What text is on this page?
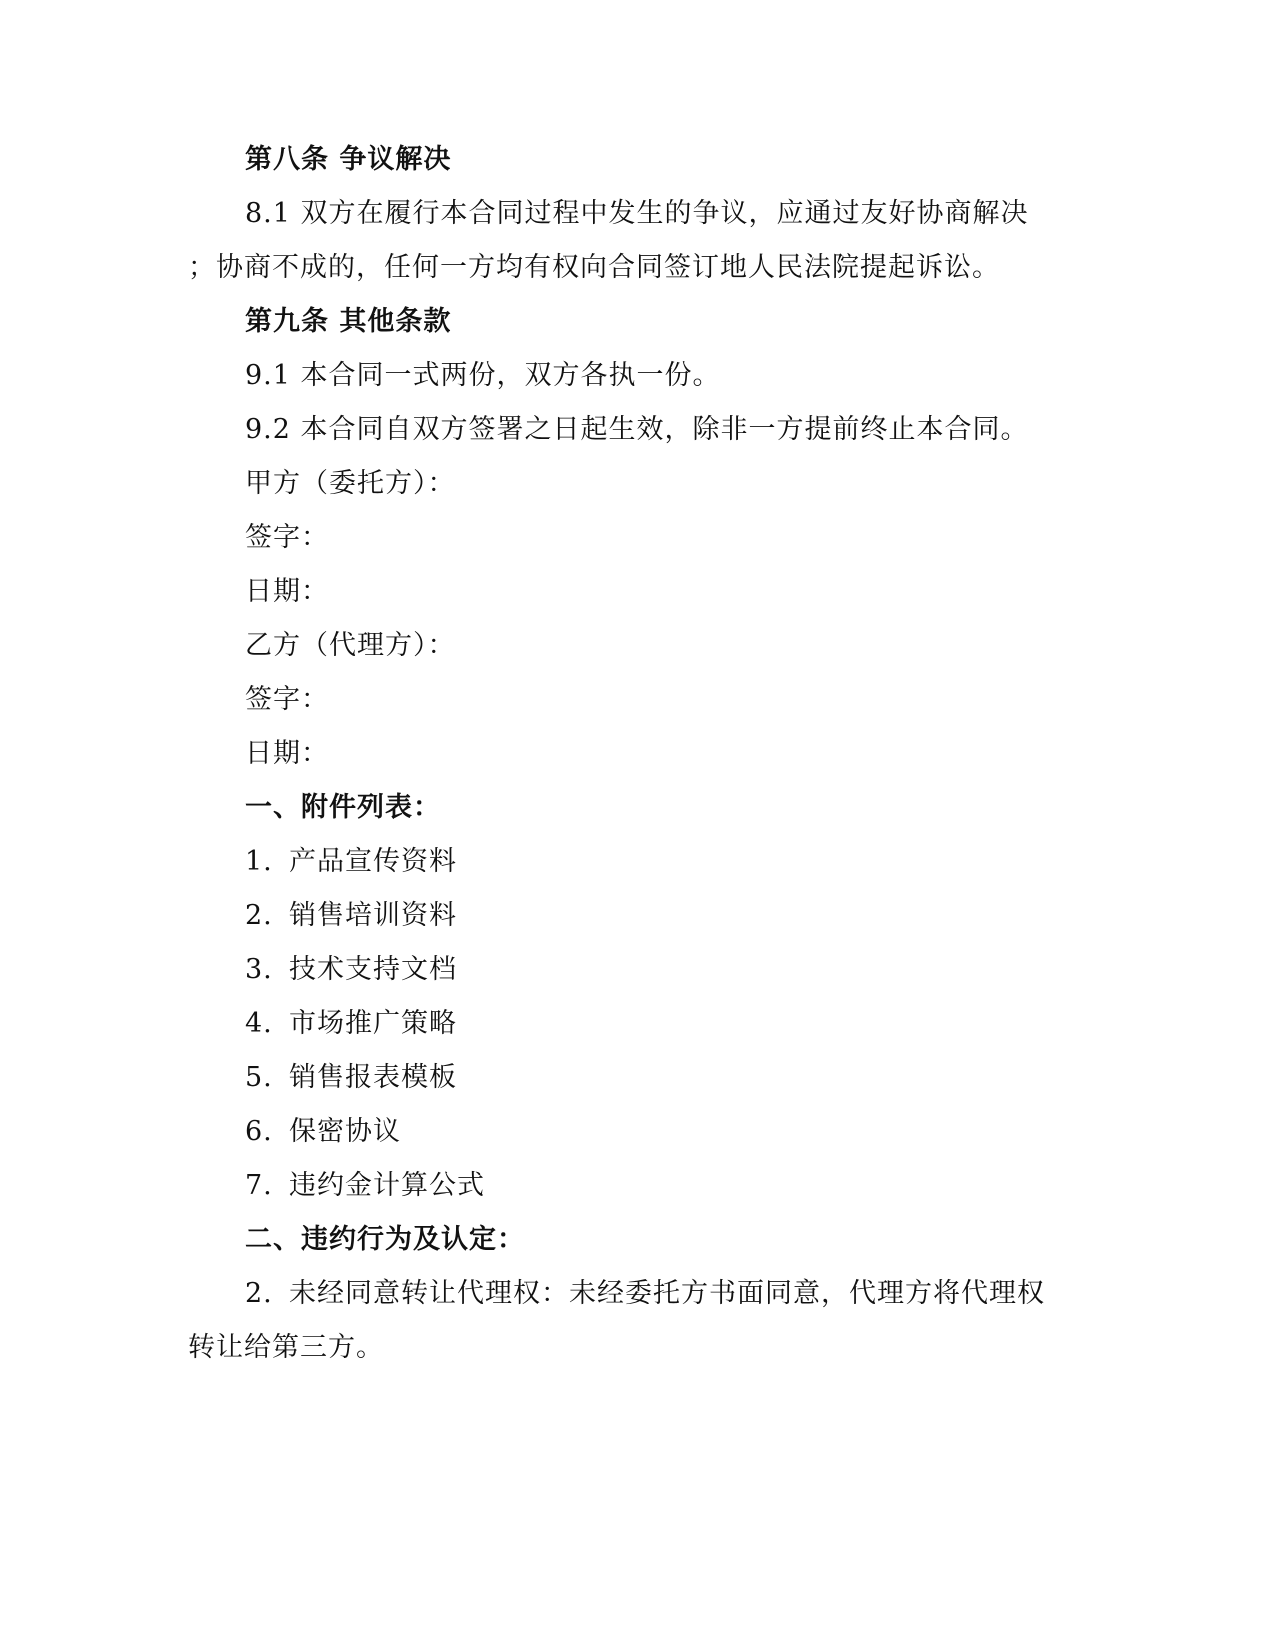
第八条 争议解决
8.1 双方在履行本合同过程中发生的争议，应通过友好协商解决
；协商不成的，任何一方均有权向合同签订地人民法院提起诉讼。
第九条 其他条款
9.1 本合同一式两份，双方各执一份。
9.2 本合同自双方签署之日起生效，除非一方提前终止本合同。
甲方（委托方）：
签字：
日期：
乙方（代理方）：
签字：
日期：
一、附件列表：
1. 产品宣传资料
2. 销售培训资料
3. 技术支持文档
4. 市场推广策略
5. 销售报表模板
6. 保密协议
7. 违约金计算公式
二、违约行为及认定：
2. 未经同意转让代理权：未经委托方书面同意，代理方将代理权
转让给第三方。
